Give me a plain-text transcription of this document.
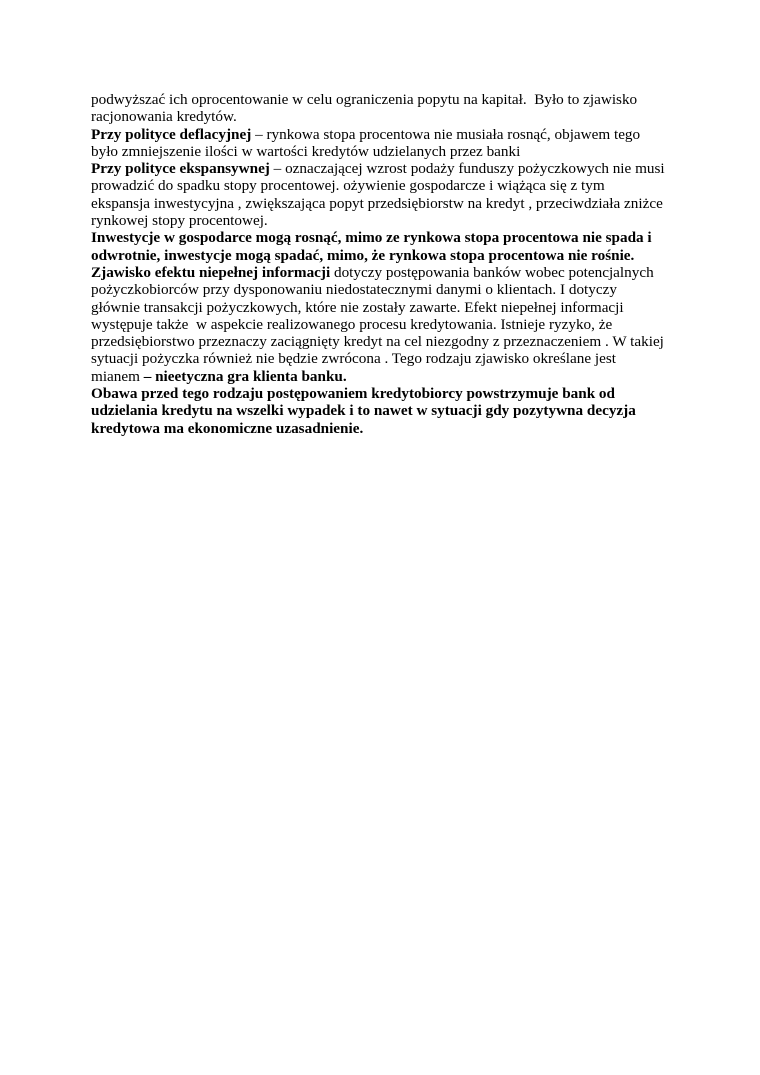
podwyższać ich oprocentowanie w celu ograniczenia popytu na kapitał.  Było to zjawisko
racjonowania kredytów.
Przy polityce deflacyjnej – rynkowa stopa procentowa nie musiała rosnąć, objawem tego
było zmniejszenie ilości w wartości kredytów udzielanych przez banki
Przy polityce ekspansywnej – oznaczającej wzrost podaży funduszy pożyczkowych nie musi
prowadzić do spadku stopy procentowej. ożywienie gospodarcze i wiążąca się z tym
ekspansja inwestycyjna , zwiększająca popyt przedsiębiorstw na kredyt , przeciwdziała zniżce
rynkowej stopy procentowej.
Inwestycje w gospodarce mogą rosnąć, mimo ze rynkowa stopa procentowa nie spada i
odwrotnie, inwestycje mogą spadać, mimo, że rynkowa stopa procentowa nie rośnie.
Zjawisko efektu niepełnej informacji dotyczy postępowania banków wobec potencjalnych
pożyczkobiorców przy dysponowaniu niedostatecznymi danymi o klientach. I dotyczy
głównie transakcji pożyczkowych, które nie zostały zawarte. Efekt niepełnej informacji
występuje także  w aspekcie realizowanego procesu kredytowania. Istnieje ryzyko, że
przedsiębiorstwo przeznaczy zaciągnięty kredyt na cel niezgodny z przeznaczeniem . W takiej
sytuacji pożyczka również nie będzie zwrócona . Tego rodzaju zjawisko określane jest
mianem – nieetyczna gra klienta banku.
Obawa przed tego rodzaju postępowaniem kredytobiorcy powstrzymuje bank od
udzielania kredytu na wszelki wypadek i to nawet w sytuacji gdy pozytywna decyzja
kredytowa ma ekonomiczne uzasadnienie.
